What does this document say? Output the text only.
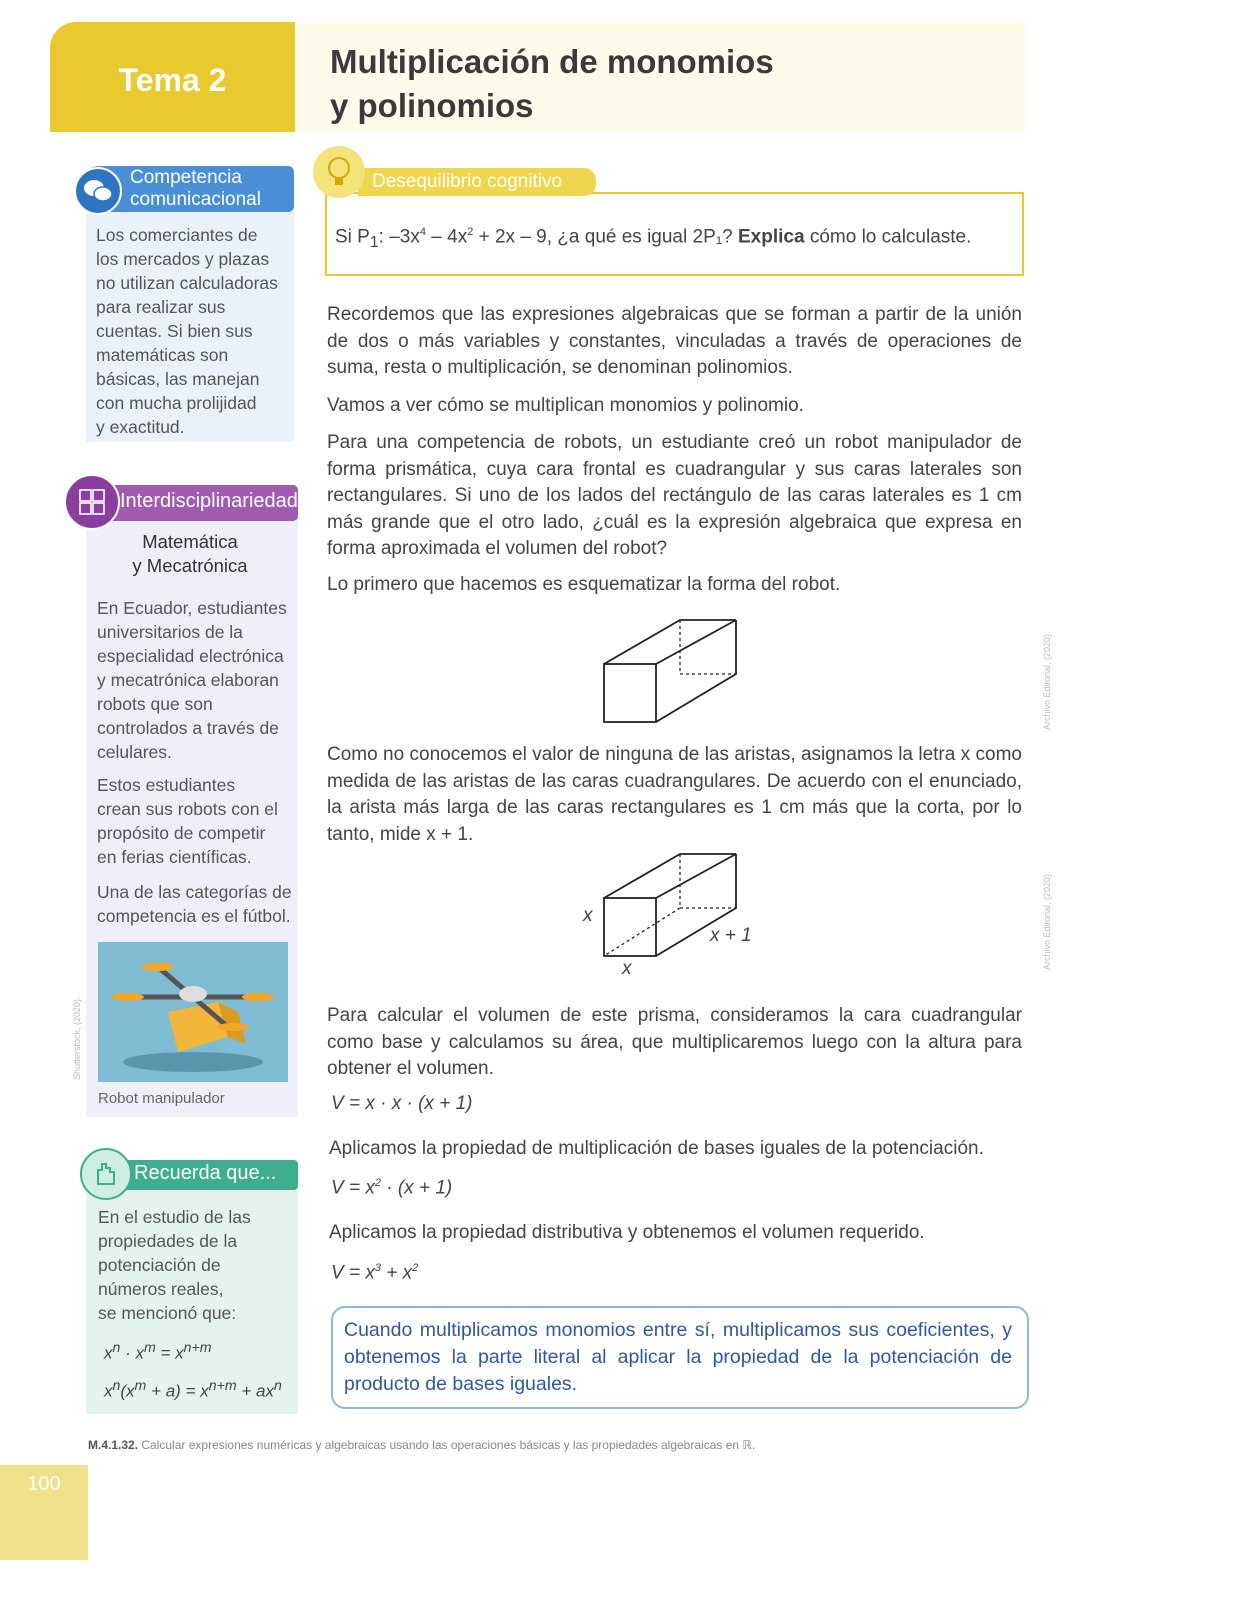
Tema 2	Multiplicación de monomios
y polinomios
Competencia
comunicacional
Los comerciantes de
los mercados y plazas
no utilizan calculadoras
para realizar sus
cuentas. Si bien sus
matemáticas son
básicas, las manejan
con mucha prolijidad
y exactitud.
Interdisciplinariedad
Matemática
y Mecatrónica
En Ecuador, estudiantes
universitarios de la
especialidad electrónica
y mecatrónica elaboran
robots que son
controlados a través de
celulares.
Estos estudiantes
crean sus robots con el
propósito de competir
en ferias científicas.
Una de las categorías de
competencia es el fútbol.
Shutterstock, (2020).
Robot manipulador
Recuerda que...
En el estudio de las
propiedades de la
potenciación de
números reales,
se mencionó que:
$x^n \cdot x^m = x^{n+m}$
$x^n(x^m + a) = x^{n+m} + ax^n$
Desequilibrio cognitivo
Si $P_1$: $-3x^4 - 4x^2 + 2x - 9$, ¿a qué es igual 2P₁? Explica cómo lo calculaste.
Recordemos que las expresiones algebraicas que se forman a partir de la unión de dos o más variables y constantes, vinculadas a través de operaciones de suma, resta o multiplicación, se denominan polinomios.
Vamos a ver cómo se multiplican monomios y polinomio.
Para una competencia de robots, un estudiante creó un robot manipulador de forma prismática, cuya cara frontal es cuadrangular y sus caras laterales son rectangulares. Si uno de los lados del rectángulo de las caras laterales es 1 cm más grande que el otro lado, ¿cuál es la expresión algebraica que expresa en forma aproximada el volumen del robot?
Lo primero que hacemos es esquematizar la forma del robot.
Archivo Editorial, (2020).
Como no conocemos el valor de ninguna de las aristas, asignamos la letra x como medida de las aristas de las caras cuadrangulares. De acuerdo con el enunciado, la arista más larga de las caras rectangulares es 1 cm más que la corta, por lo tanto, mide x + 1.
x
x
x + 1	Archivo Editorial, (2020).
Para calcular el volumen de este prisma, consideramos la cara cuadrangular como base y calculamos su área, que multiplicaremos luego con la altura para obtener el volumen.
V = x · x · (x + 1)
Aplicamos la propiedad de multiplicación de bases iguales de la potenciación.
$V = x^2 \cdot (x + 1)$
Aplicamos la propiedad distributiva y obtenemos el volumen requerido.
$V = x^3 + x^2$
Cuando multiplicamos monomios entre sí, multiplicamos sus coeficientes, y obtenemos la parte literal al aplicar la propiedad de la potenciación de producto de bases iguales.
M.4.1.32. Calcular expresiones numéricas y algebraicas usando las operaciones básicas y las propiedades algebraicas en ℝ.
100
